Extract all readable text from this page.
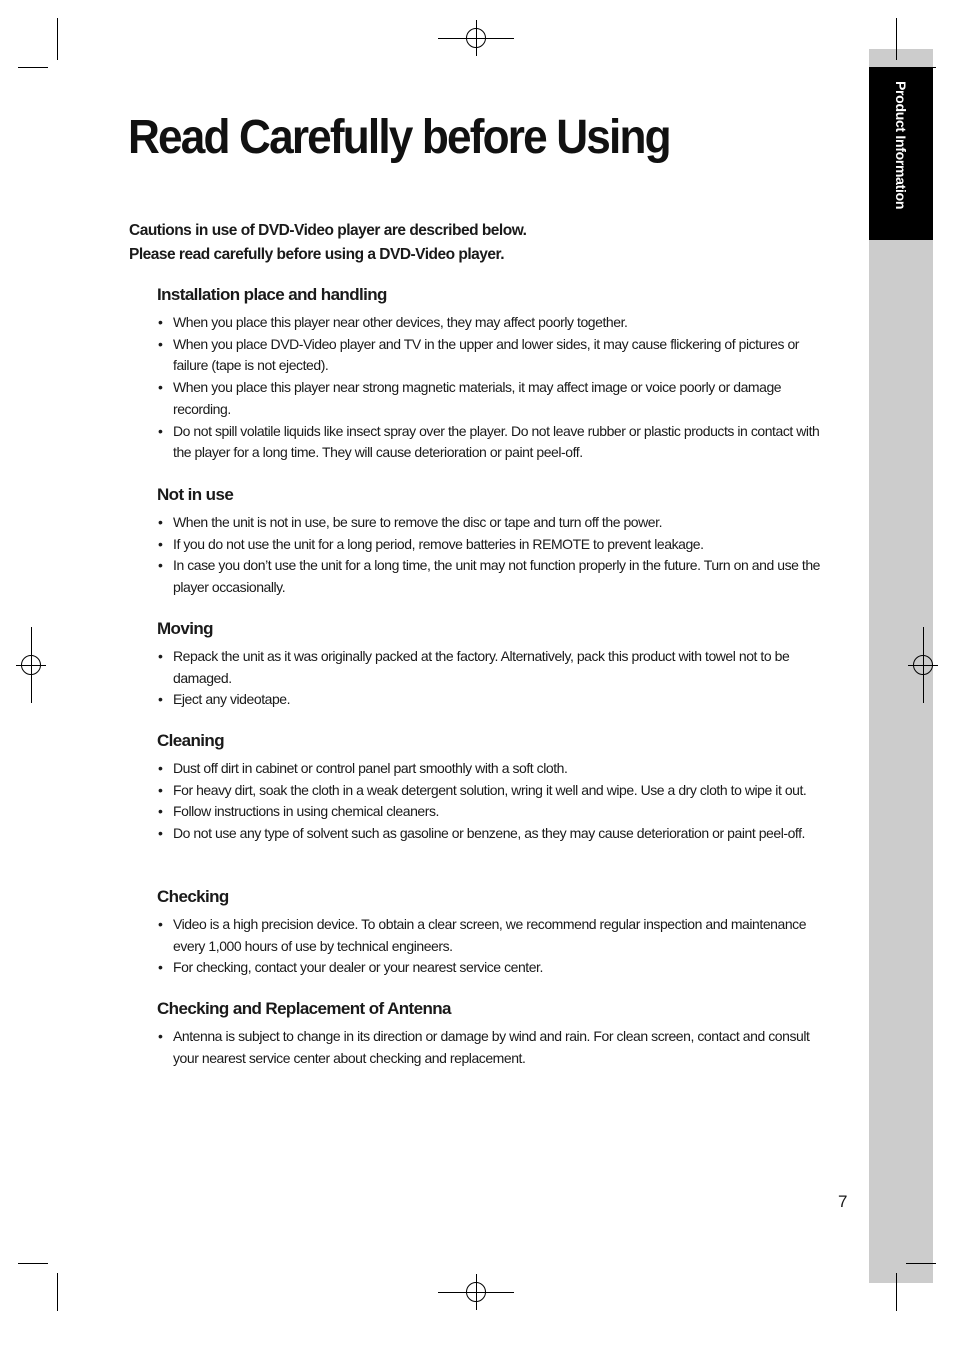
Product Information
Read Carefully before Using
Cautions in use of DVD-Video player are described below.
Please read carefully before using a DVD-Video player.
Installation place and handling
• When you place this player near other devices, they may affect poorly together.
• When you place DVD-Video player and TV in the upper and lower sides, it may cause flickering of pictures or failure (tape is not ejected).
• When you place this player near strong magnetic materials, it may affect image or voice poorly or damage recording.
• Do not spill volatile liquids like insect spray over the player. Do not leave rubber or plastic products in contact with the player for a long time. They will cause deterioration or paint peel-off.
Not in use
• When the unit is not in use, be sure to remove the disc or tape and turn off the power.
• If you do not use the unit for a long period, remove batteries in REMOTE to prevent leakage.
• In case you don’t use the unit for a long time, the unit may not function properly in the future. Turn on and use the player occasionally.
Moving
• Repack the unit as it was originally packed at the factory. Alternatively, pack this product with towel not to be damaged.
• Eject any videotape.
Cleaning
• Dust off dirt in cabinet or control panel part smoothly with a soft cloth.
• For heavy dirt, soak the cloth in a weak detergent solution, wring it well and wipe. Use a dry cloth to wipe it out.
• Follow instructions in using chemical cleaners.
• Do not use any type of solvent such as gasoline or benzene, as they may cause deterioration or paint peel-off.
Checking
• Video is a high precision device. To obtain a clear screen, we recommend regular inspection and maintenance every 1,000 hours of use by technical engineers.
• For checking, contact your dealer or your nearest service center.
Checking and Replacement of Antenna
• Antenna is subject to change in its direction or damage by wind and rain. For clean screen, contact and consult your nearest service center about checking and replacement.
7
